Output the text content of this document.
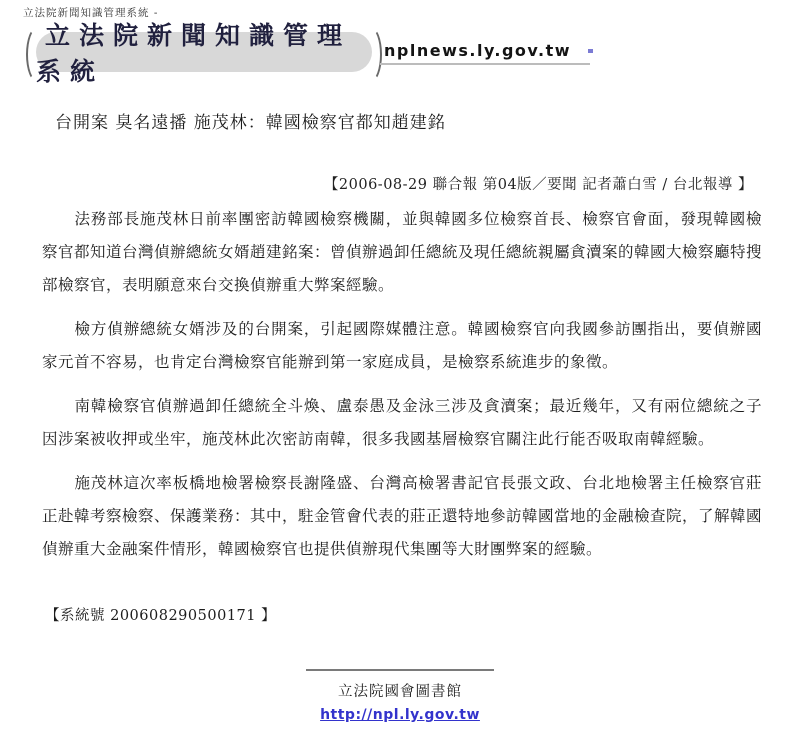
立法院新聞知識管理系統 -
立法院新聞知識管理系統
nplnews.ly.gov.tw
台開案 臭名遠播 施茂林：韓國檢察官都知趙建銘
【2006-08-29 聯合報 第04版／要聞 記者蕭白雪 / 台北報導 】

法務部長施茂林日前率團密訪韓國檢察機關，並與韓國多位檢察首長、檢察官會面，發現韓國檢察官都知道台灣偵辦總統女婿趙建銘案：曾偵辦過卸任總統及現任總統親屬貪瀆案的韓國大檢察廳特搜部檢察官，表明願意來台交換偵辦重大弊案經驗。

檢方偵辦總統女婿涉及的台開案，引起國際媒體注意。韓國檢察官向我國參訪團指出，要偵辦國家元首不容易，也肯定台灣檢察官能辦到第一家庭成員，是檢察系統進步的象徵。

南韓檢察官偵辦過卸任總統全斗煥、盧泰愚及金泳三涉及貪瀆案；最近幾年，又有兩位總統之子因涉案被收押或坐牢，施茂林此次密訪南韓，很多我國基層檢察官關注此行能否吸取南韓經驗。

施茂林這次率板橋地檢署檢察長謝隆盛、台灣高檢署書記官長張文政、台北地檢署主任檢察官莊正赴韓考察檢察、保護業務：其中，駐金管會代表的莊正還特地參訪韓國當地的金融檢查院，了解韓國偵辦重大金融案件情形，韓國檢察官也提供偵辦現代集團等大財團弊案的經驗。

【系統號 200608290500171 】
立法院國會圖書館
http://npl.ly.gov.tw
